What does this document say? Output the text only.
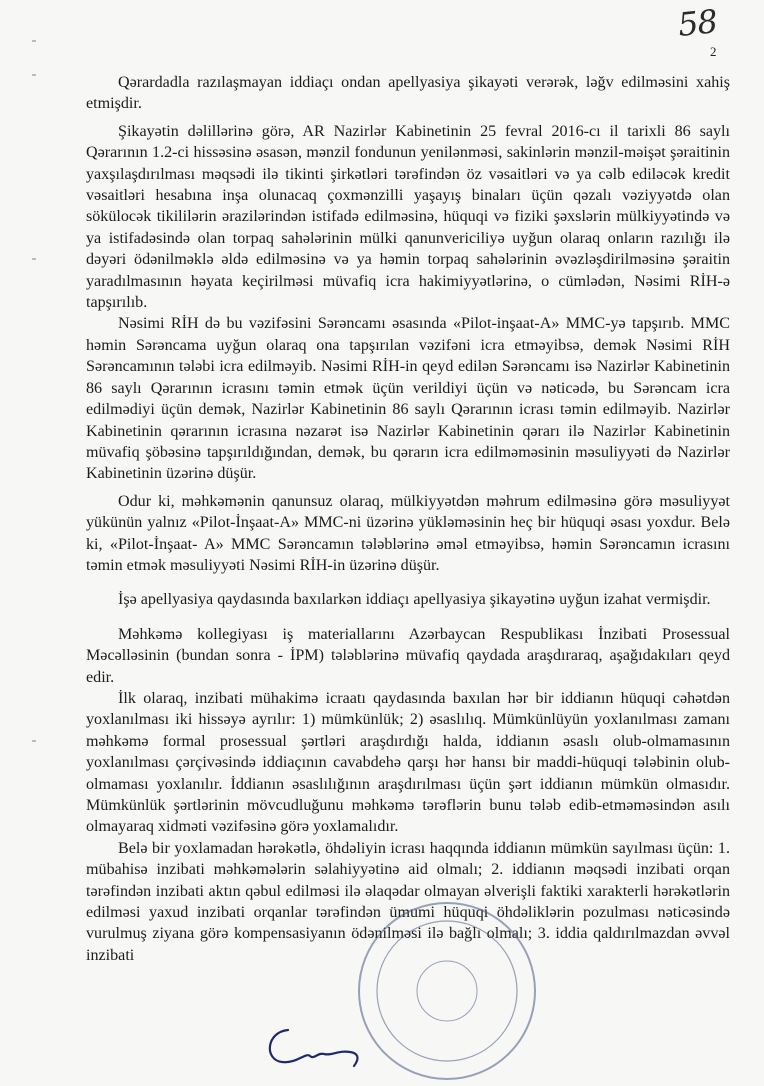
58
2

Qərardadla razılaşmayan iddiaçı ondan apellyasiya şikayəti verərək, ləğv edilməsini xahiş etmişdir.

Şikayətin dəlillərinə görə, AR Nazirlər Kabinetinin 25 fevral 2016-cı il tarixli 86 saylı Qərarının 1.2-ci hissəsinə əsasən, mənzil fondunun yenilənməsi, sakinlərin mənzil-məişət şəraitinin yaxşılaşdırılması məqsədi ilə tikinti şirkətləri tərəfindən öz vəsaitləri və ya cəlb ediləcək kredit vəsaitləri hesabına inşa olunacaq çoxmənzilli yaşayış binaları üçün qəzalı vəziyyətdə olan sökülocək tikililərin ərazilərindən istifadə edilməsinə, hüquqi və fiziki şəxslərin mülkiyyətində və ya istifadəsində olan torpaq sahələrinin mülki qanunvericiliyə uyğun olaraq onların razılığı ilə dəyəri ödənilməklə əldə edilməsinə və ya həmin torpaq sahələrinin əvəzləşdirilməsinə şəraitin yaradılmasının həyata keçirilməsi müvafiq icra hakimiyyətlərinə, o cümlədən, Nəsimi RİH-ə tapşırılıb.

Nəsimi RİH də bu vəzifəsini Sərəncamı əsasında «Pilot-inşaat-A» MMC-yə tapşırıb. MMC həmin Sərəncama uyğun olaraq ona tapşırılan vəzifəni icra etməyibsə, demək Nəsimi RİH Sərəncamının tələbi icra edilməyib. Nəsimi RİH-in qeyd edilən Sərəncamı isə Nazirlər Kabinetinin 86 saylı Qərarının icrasını təmin etmək üçün verildiyi üçün və nəticədə, bu Sərəncam icra edilmədiyi üçün demək, Nazirlər Kabinetinin 86 saylı Qərarının icrası təmin edilməyib. Nazirlər Kabinetinin qərarının icrasına nəzarət isə Nazirlər Kabinetinin qərarı ilə Nazirlər Kabinetinin müvafiq şöbəsinə tapşırıldığından, demək, bu qərarın icra edilməməsinin məsuliyyəti də Nazirlər Kabinetinin üzərinə düşür.

Odur ki, məhkəmənin qanunsuz olaraq, mülkiyyətdən məhrum edilməsinə görə məsuliyyət yükünün yalnız «Pilot-İnşaat-A» MMC-ni üzərinə yükləməsinin heç bir hüquqi əsası yoxdur. Belə ki, «Pilot-İnşaat- A» MMC Sərəncamın tələblərinə əməl etməyibsə, həmin Sərəncamın icrasını təmin etmək məsuliyyəti Nəsimi RİH-in üzərinə düşür.

İşə apellyasiya qaydasında baxılarkən iddiaçı apellyasiya şikayətinə uyğun izahat vermişdir.

Məhkəmə kollegiyası iş materiallarını Azərbaycan Respublikası İnzibati Prosessual Məcəlləsinin (bundan sonra - İPM) tələblərinə müvafiq qaydada araşdıraraq, aşağıdakıları qeyd edir.

İlk olaraq, inzibati mühakimə icraatı qaydasında baxılan hər bir iddianın hüquqi cəhətdən yoxlanılması iki hissəyə ayrılır: 1) mümkünlük; 2) əsaslılıq. Mümkünlüyün yoxlanılması zamanı məhkəmə formal prosessual şərtləri araşdırdığı halda, iddianın əsaslı olub-olmamasının yoxlanılması çərçivəsində iddiaçının cavabdehə qarşı hər hansı bir maddi-hüquqi tələbinin olub-olmaması yoxlanılır. İddianın əsaslılığının araşdırılması üçün şərt iddianın mümkün olmasıdır. Mümkünlük şərtlərinin mövcudluğunu məhkəmə tərəflərin bunu tələb edib-etməməsindən asılı olmayaraq xidməti vəzifəsinə görə yoxlamalıdır.

Belə bir yoxlamadan hərəkətlə, öhdəliyin icrası haqqında iddianın mümkün sayılması üçün: 1. mübahisə inzibati məhkəmələrin səlahiyyətinə aid olmalı; 2. iddianın məqsədi inzibati orqan tərəfindən inzibati aktın qəbul edilməsi ilə əlaqədar olmayan əlverişli faktiki xarakterli hərəkətlərin edilməsi yaxud inzibati orqanlar tərəfindən ümumi hüquqi öhdəliklərin pozulması nəticəsində vurulmuş ziyana görə kompensasiyanın ödənilməsi ilə bağlı olmalı; 3. iddia qaldırılmazdan əvvəl inzibati
